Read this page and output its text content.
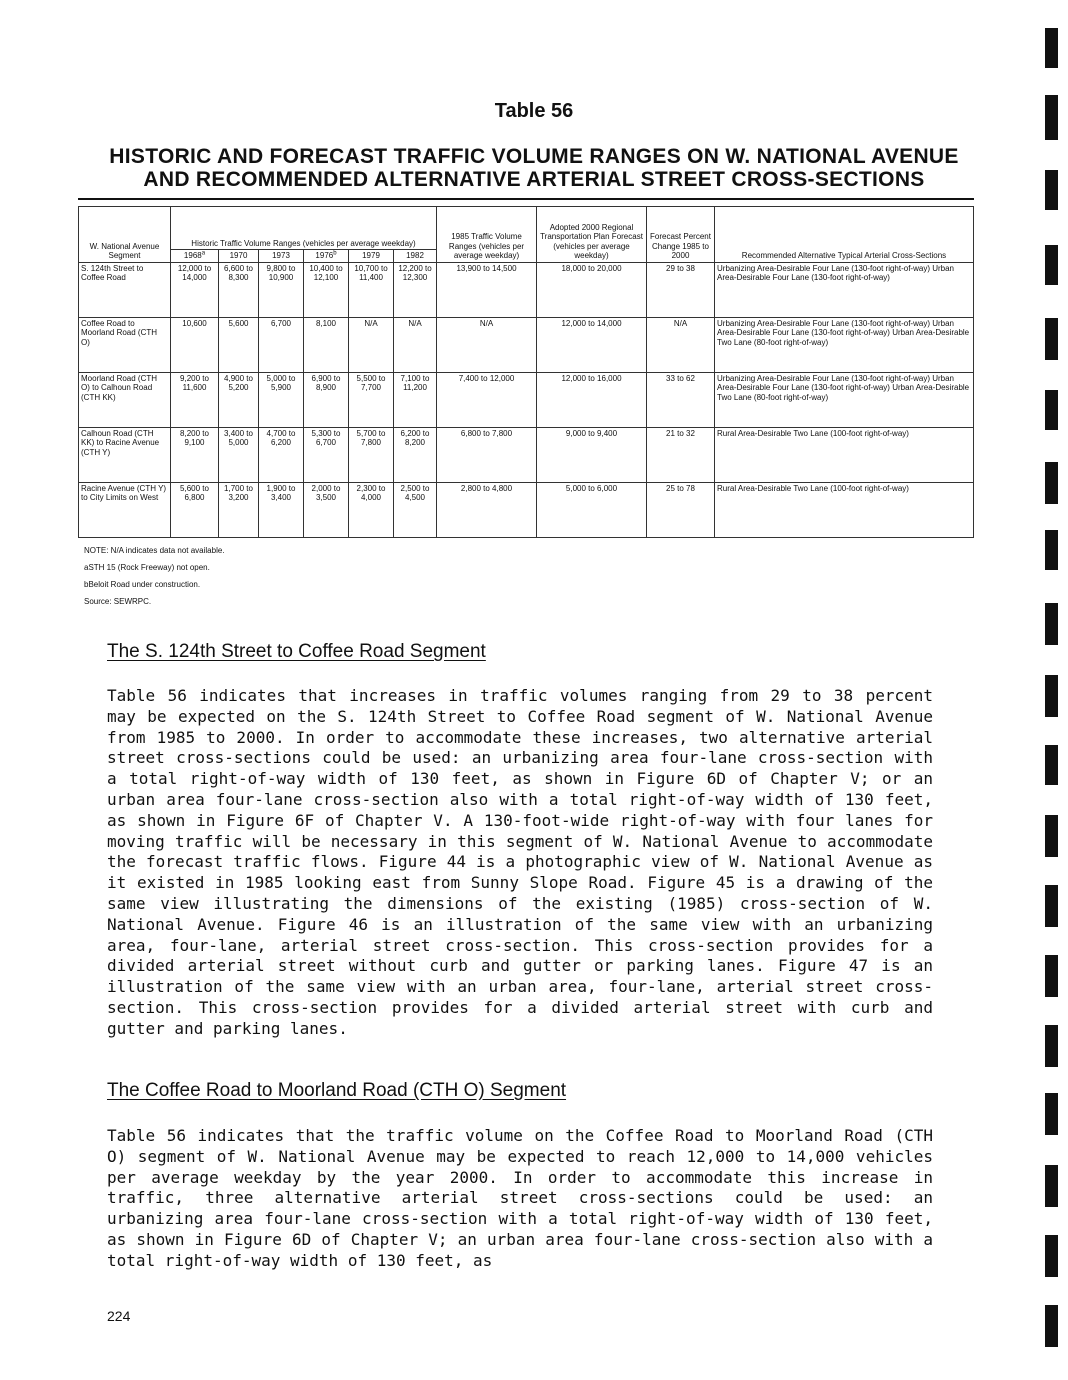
Table 56
HISTORIC AND FORECAST TRAFFIC VOLUME RANGES ON W. NATIONAL AVENUE
AND RECOMMENDED ALTERNATIVE ARTERIAL STREET CROSS-SECTIONS
W. National Avenue Segment	Historic Traffic Volume Ranges (vehicles per average weekday)						1985 Traffic Volume Ranges (vehicles per average weekday)	Adopted 2000 Regional Transportation Plan Forecast (vehicles per average weekday)	Forecast Percent Change 1985 to 2000	Recommended Alternative Typical Arterial Cross-Sections
	1968$^a$	1970	1973	1976$^b$	1979	1982				
S. 124th Street to Coffee Road	12,000 to 14,000	6,600 to 8,300	9,800 to 10,900	10,400 to 12,100	10,700 to 11,400	12,200 to 12,300	13,900 to 14,500	18,000 to 20,000	29 to 38	Urbanizing Area-Desirable Four Lane (130-foot right-of-way) Urban Area-Desirable Four Lane (130-foot right-of-way)
Coffee Road to Moorland Road (CTH O)	10,600	5,600	6,700	8,100	N/A	N/A	N/A	12,000 to 14,000	N/A	Urbanizing Area-Desirable Four Lane (130-foot right-of-way) Urban Area-Desirable Four Lane (130-foot right-of-way) Urban Area-Desirable Two Lane (80-foot right-of-way)
Moorland Road (CTH O) to Calhoun Road (CTH KK)	9,200 to 11,600	4,900 to 5,200	5,000 to 5,900	6,900 to 8,900	5,500 to 7,700	7,100 to 11,200	7,400 to 12,000	12,000 to 16,000	33 to 62	Urbanizing Area-Desirable Four Lane (130-foot right-of-way) Urban Area-Desirable Four Lane (130-foot right-of-way) Urban Area-Desirable Two Lane (80-foot right-of-way)
Calhoun Road (CTH KK) to Racine Avenue (CTH Y)	8,200 to 9,100	3,400 to 5,000	4,700 to 6,200	5,300 to 6,700	5,700 to 7,800	6,200 to 8,200	6,800 to 7,800	9,000 to 9,400	21 to 32	Rural Area-Desirable Two Lane (100-foot right-of-way)
Racine Avenue (CTH Y) to City Limits on West	5,600 to 6,800	1,700 to 3,200	1,900 to 3,400	2,000 to 3,500	2,300 to 4,000	2,500 to 4,500	2,800 to 4,800	5,000 to 6,000	25 to 78	Rural Area-Desirable Two Lane (100-foot right-of-way)
NOTE: N/A indicates data not available.
aSTH 15 (Rock Freeway) not open.
bBeloit Road under construction.
Source: SEWRPC.
The S. 124th Street to Coffee Road Segment
Table 56 indicates that increases in traffic volumes ranging from 29 to 38 percent may be expected on the S. 124th Street to Coffee Road segment of W. National Avenue from 1985 to 2000. In order to accommodate these increases, two alternative arterial street cross-sections could be used: an urbanizing area four-lane cross-section with a total right-of-way width of 130 feet, as shown in Figure 6D of Chapter V; or an urban area four-lane cross-section also with a total right-of-way width of 130 feet, as shown in Figure 6F of Chapter V. A 130-foot-wide right-of-way with four lanes for moving traffic will be necessary in this segment of W. National Avenue to accommodate the forecast traffic flows. Figure 44 is a photographic view of W. National Avenue as it existed in 1985 looking east from Sunny Slope Road. Figure 45 is a drawing of the same view illustrating the dimensions of the existing (1985) cross-section of W. National Avenue. Figure 46 is an illustration of the same view with an urbanizing area, four-lane, arterial street cross-section. This cross-section provides for a divided arterial street without curb and gutter or parking lanes. Figure 47 is an illustration of the same view with an urban area, four-lane, arterial street cross-section. This cross-section provides for a divided arterial street with curb and gutter and parking lanes.
The Coffee Road to Moorland Road (CTH O) Segment
Table 56 indicates that the traffic volume on the Coffee Road to Moorland Road (CTH O) segment of W. National Avenue may be expected to reach 12,000 to 14,000 vehicles per average weekday by the year 2000. In order to accommodate this increase in traffic, three alternative arterial street cross-sections could be used: an urbanizing area four-lane cross-section with a total right-of-way width of 130 feet, as shown in Figure 6D of Chapter V; an urban area four-lane cross-section also with a total right-of-way width of 130 feet, as
224
